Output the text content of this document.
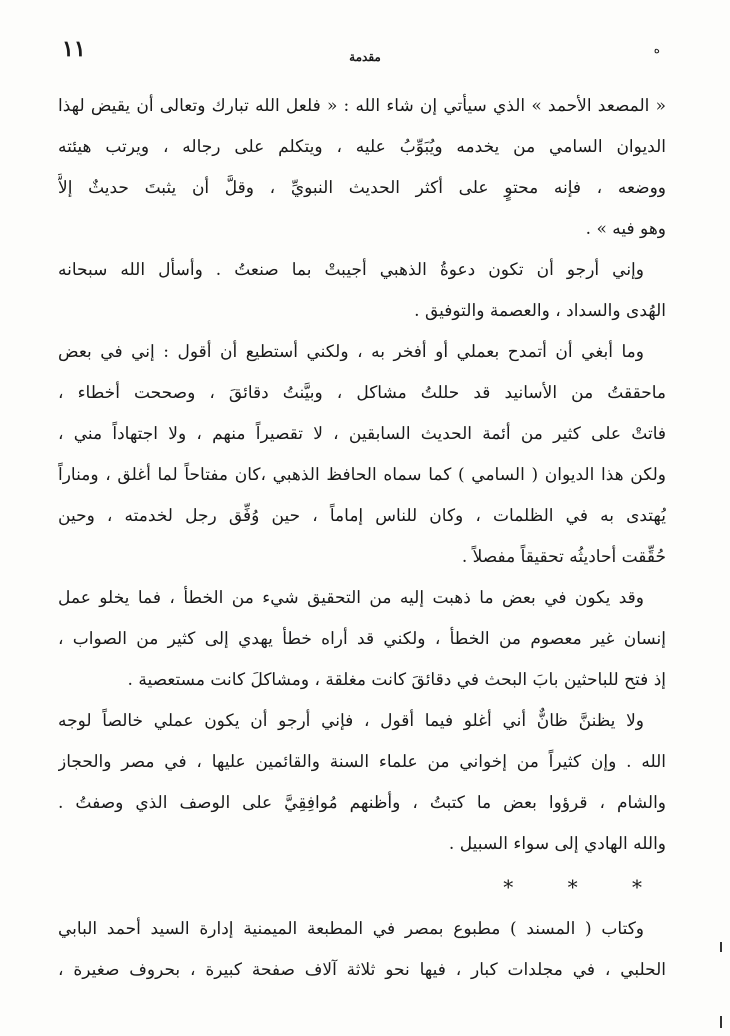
١١	مقدمة
ه
« المصعد الأحمد » الذي سيأتي إن شاء الله : « فلعل الله تبارك وتعالى أن يقيض لهذا
الديوان السامي من يخدمه ويُبَوِّبُ عليه ، ويتكلم على رجاله ، ويرتب هيئته
ووضعه ، فإنه محتوٍ على أكثر الحديث النبويِّ ، وقلَّ أن يثبتَ حديثٌ إلاَّ
وهو فيه » .
وإني أرجو أن تكون دعوةُ الذهبي أجيبتْ بما صنعتُ . وأسأل الله سبحانه
الهُدى والسداد ، والعصمة والتوفيق .
وما أبغي أن أتمدح بعملي أو أفخر به ، ولكني أستطيع أن أقول : إني في بعض
ماحققتُ من الأسانيد قد حللتُ مشاكل ، وبيَّنتُ دقائقَ ، وصححت أخطاء ،
فاتتْ على كثير من أئمة الحديث السابقين ، لا تقصيراً منهم ، ولا اجتهاداً مني ،
ولكن هذا الديوان ( السامي ) كما سماه الحافظ الذهبي ،كان مفتاحاً لما أغلق ، ومناراً
يُهتدى به في الظلمات ، وكان للناس إماماً ، حين وُفِّق رجل لخدمته ، وحين
حُقِّقت أحاديثُه تحقيقاً مفصلاً .
وقد يكون في بعض ما ذهبت إليه من التحقيق شيء من الخطأ ، فما يخلو عمل
إنسان غير معصوم من الخطأ ، ولكني قد أراه خطأ يهدي إلى كثير من الصواب ،
إذ فتح للباحثين بابَ البحث في دقائقَ كانت مغلقة ، ومشاكلَ كانت مستعصية .
ولا يظننَّ ظانٌّ أني أغلو فيما أقول ، فإني أرجو أن يكون عملي خالصاً لوجه
الله . وإن كثيراً من إخواني من علماء السنة والقائمين عليها ، في مصر والحجاز
والشام ، قرؤوا بعض ما كتبتُ ، وأظنهم مُوافِقِيَّ على الوصف الذي وصفتُ .
والله الهادي إلى سواء السبيل .
* * *
وكتاب ( المسند ) مطبوع بمصر في المطبعة الميمنية إدارة السيد أحمد البابي
الحلبي ، في مجلدات كبار ، فيها نحو ثلاثة آلاف صفحة كبيرة ، بحروف صغيرة ،
